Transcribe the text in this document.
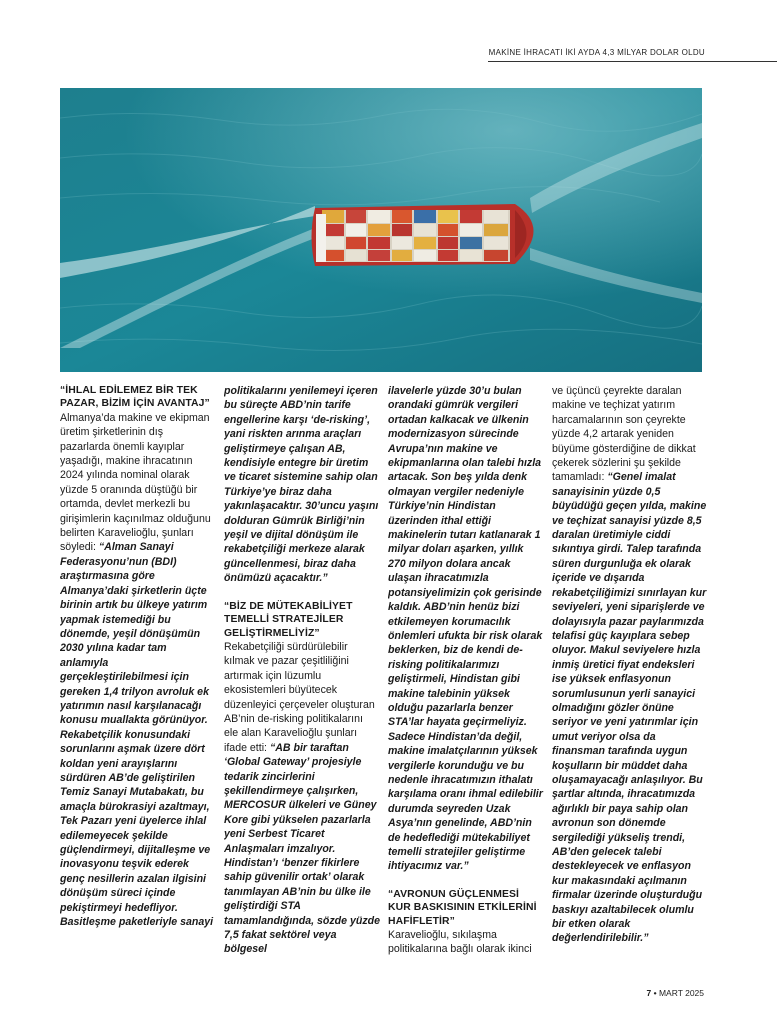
MAKİNE İHRACATI İKİ AYDA 4,3 MİLYAR DOLAR OLDU
“İHLAL EDİLEMEZ BİR TEK PAZAR, BİZİM İÇİN AVANTAJ”

Almanya’da makine ve ekipman üretim şirketlerinin dış pazarlarda önemli kayıplar yaşadığı, makine ihracatının 2024 yılında nominal olarak yüzde 5 oranında düştüğü bir ortamda, devlet merkezli bu girişimlerin kaçınılmaz olduğunu belirten Karavelioğlu, şunları söyledi: “Alman Sanayi Federasyonu’nun (BDI) araştırmasına göre Almanya’daki şirketlerin üçte birinin artık bu ülkeye yatırım yapmak istemediği bu dönemde, yeşil dönüşümün 2030 yılına kadar tam anlamıyla gerçekleştirilebilmesi için gereken 1,4 trilyon avroluk ek yatırımın nasıl karşılanacağı konusu muallakta görünüyor. Rekabetçilik konusundaki sorunlarını aşmak üzere dört koldan yeni arayışlarını sürdüren AB’de geliştirilen Temiz Sanayi Mutabakatı, bu amaçla bürokrasiyi azaltmayı, Tek Pazarı yeni üyelerce ihlal edilemeyecek şekilde güçlendirmeyi, dijitalleşme ve inovasyonu teşvik ederek genç nesillerin azalan ilgisini dönüşüm süreci içinde pekiştirmeyi hedefliyor. Basitleşme paketleriyle sanayi

politikalarını yenilemeyi içeren bu süreçte ABD’nin tarife engellerine karşı ‘de-risking’, yani riskten arınma araçları geliştirmeye çalışan AB, kendisiyle entegre bir üretim ve ticaret sistemine sahip olan Türkiye’ye biraz daha yakınlaşacaktır. 30’uncu yaşını dolduran Gümrük Birliği’nin yeşil ve dijital dönüşüm ile rekabetçiliği merkeze alarak güncellenmesi, biraz daha önümüzü açacaktır.”

“BİZ DE MÜTEKABİLİYET TEMELLİ STRATEJİLER GELİŞTİRMELİYİZ”

Rekabetçiliği sürdürülebilir kılmak ve pazar çeşitliliğini artırmak için lüzumlu ekosistemleri büyütecek düzenleyici çerçeveler oluşturan AB’nin de-risking politikalarını ele alan Karavelioğlu şunları ifade etti: “AB bir taraftan ‘Global Gateway’ projesiyle tedarik zincirlerini şekillendirmeye çalışırken, MERCOSUR ülkeleri ve Güney Kore gibi yükselen pazarlarla yeni Serbest Ticaret Anlaşmaları imzalıyor. Hindistan’ı ‘benzer fikirlere sahip güvenilir ortak’ olarak tanımlayan AB’nin bu ülke ile geliştirdiği STA tamamlandığında, sözde yüzde 7,5 fakat sektörel veya bölgesel

ilavelerle yüzde 30’u bulan orandaki gümrük vergileri ortadan kalkacak ve ülkenin modernizasyon sürecinde Avrupa’nın makine ve ekipmanlarına olan talebi hızla artacak. Son beş yılda denk olmayan vergiler nedeniyle Türkiye’nin Hindistan üzerinden ithal ettiği makinelerin tutarı katlanarak 1 milyar doları aşarken, yıllık 270 milyon dolara ancak ulaşan ihracatımızla potansiyelimizin çok gerisinde kaldık. ABD’nin henüz bizi etkilemeyen korumacılık önlemleri ufukta bir risk olarak beklerken, biz de kendi de-risking politikalarımızı geliştirmeli, Hindistan gibi makine talebinin yüksek olduğu pazarlarla benzer STA’lar hayata geçirmeliyiz. Sadece Hindistan’da değil, makine imalatçılarının yüksek vergilerle korunduğu ve bu nedenle ihracatımızın ithalatı karşılama oranı ihmal edilebilir durumda seyreden Uzak Asya’nın genelinde, ABD’nin de hedeflediği mütekabiliyet temelli stratejiler geliştirme ihtiyacımız var.”

“AVRONUN GÜÇLENMESİ KUR BASKISININ ETKİLERİNİ HAFİFLETİR”

Karavelioğlu, sıkılaşma politikalarına bağlı olarak ikinci

ve üçüncü çeyrekte daralan makine ve teçhizat yatırım harcamalarının son çeyrekte yüzde 4,2 artarak yeniden büyüme gösterdiğine de dikkat çekerek sözlerini şu şekilde tamamladı: “Genel imalat sanayisinin yüzde 0,5 büyüdüğü geçen yılda, makine ve teçhizat sanayisi yüzde 8,5 daralan üretimiyle ciddi sıkıntıya girdi. Talep tarafında süren durgunluğa ek olarak içeride ve dışarıda rekabetçiliğimizi sınırlayan kur seviyeleri, yeni siparişlerde ve dolayısıyla pazar paylarımızda telafisi güç kayıplara sebep oluyor. Makul seviyelere hızla inmiş üretici fiyat endeksleri ise yüksek enflasyonun sorumlusunun yerli sanayici olmadığını gözler önüne seriyor ve yeni yatırımlar için umut veriyor olsa da finansman tarafında uygun koşulların bir müddet daha oluşamayacağı anlaşılıyor. Bu şartlar altında, ihracatımızda ağırlıklı bir paya sahip olan avronun son dönemde sergilediği yükseliş trendi, AB’den gelecek talebi destekleyecek ve enflasyon kur makasındaki açılmanın firmalar üzerinde oluşturduğu baskıyı azaltabilecek olumlu bir etken olarak değerlendirilebilir.”

7 • MART 2025
